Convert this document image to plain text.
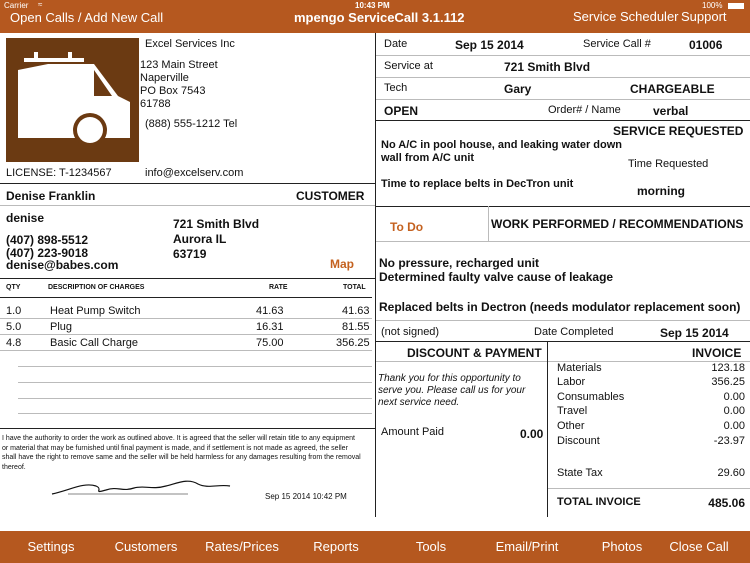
Carrier ≈	10:43 PM	100%
Open Calls / Add New Call	mpengo ServiceCall 3.1.112	Service Scheduler Support
Excel Services Inc
123 Main Street
Naperville
PO Box 7543
61788
(888) 555-1212 Tel
LICENSE: T-1234567	info@excelserv.com
Denise Franklin	CUSTOMER
denise
(407) 898-5512
(407) 223-9018
denise@babes.com
721 Smith Blvd
Aurora IL
63719
Map
QTY	DESCRIPTION OF CHARGES	RATE	TOTAL
1.0	Heat Pump Switch	41.63	41.63
5.0	Plug	16.31	81.55
4.8	Basic Call Charge	75.00	356.25
I have the authority to order the work as outlined above. It is agreed that the seller will retain title to any equipment or material that may be furnished until final payment is made, and if settlement is not made as agreed, the seller shall have the right to remove same and the seller will be held harmless for any damages resulting from the removal thereof.
Sep 15 2014 10:42 PM
Date	Sep 15 2014	Service Call #	01006
Service at	721 Smith Blvd
Tech	Gary	CHARGEABLE
OPEN	Order# / Name	verbal
SERVICE REQUESTED
No A/C in pool house, and leaking water down wall from A/C unit	Time Requested
Time to replace belts in DecTron unit	morning
To Do	WORK PERFORMED / RECOMMENDATIONS
No pressure, recharged unit
Determined faulty valve cause of leakage
Replaced belts in Dectron (needs modulator replacement soon)
(not signed)	Date Completed	Sep 15 2014
DISCOUNT & PAYMENT
Thank you for this opportunity to serve you. Please call us for your next service need.
Amount Paid	0.00
INVOICE
Materials	123.18
Labor	356.25
Consumables	0.00
Travel	0.00
Other	0.00
Discount	-23.97
State Tax	29.60
TOTAL INVOICE	485.06
Settings	Customers	Rates/Prices	Reports	Tools	Email/Print	Photos	Close Call
